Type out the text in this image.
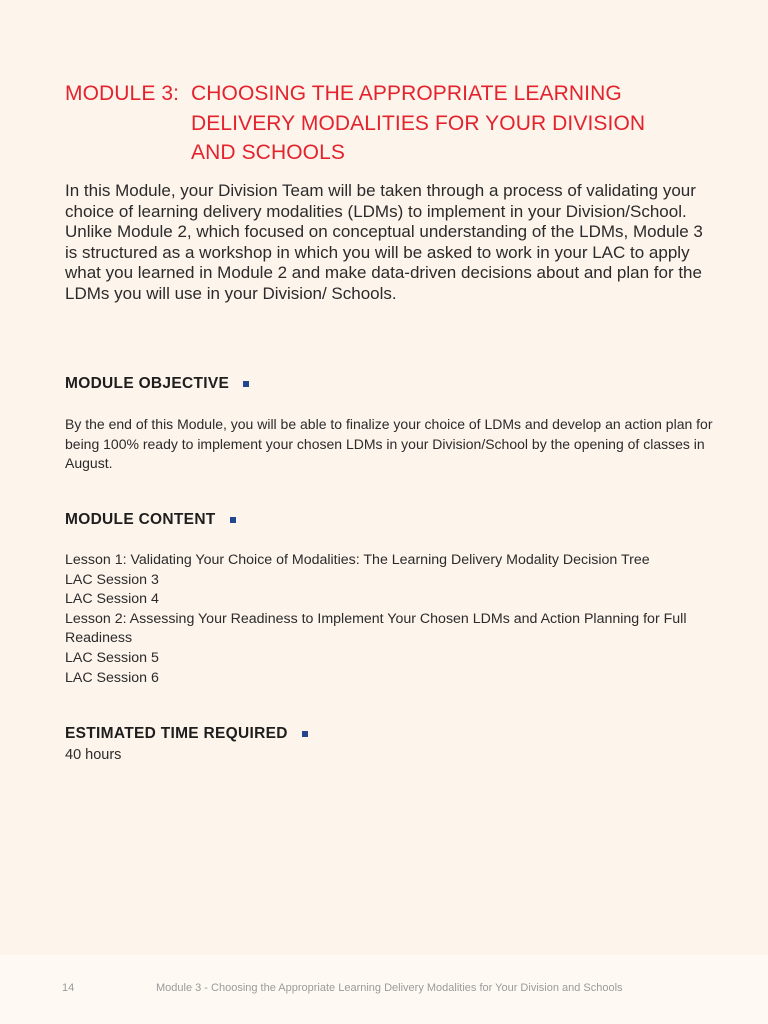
MODULE 3: CHOOSING THE APPROPRIATE LEARNING
DELIVERY MODALITIES FOR YOUR DIVISION
AND SCHOOLS

In this Module, your Division Team will be taken through a process of validating your choice of learning delivery modalities (LDMs) to implement in your Division/School. Unlike Module 2, which focused on conceptual understanding of the LDMs, Module 3 is structured as a workshop in which you will be asked to work in your LAC to apply what you learned in Module 2 and make data-driven decisions about and plan for the LDMs you will use in your Division/ Schools.

MODULE OBJECTIVE

By the end of this Module, you will be able to finalize your choice of LDMs and develop an action plan for being 100% ready to implement your chosen LDMs in your Division/School by the opening of classes in August.

MODULE CONTENT
Lesson 1: Validating Your Choice of Modalities: The Learning Delivery Modality Decision Tree
LAC Session 3
LAC Session 4
Lesson 2: Assessing Your Readiness to Implement Your Chosen LDMs and Action Planning for Full Readiness
LAC Session 5
LAC Session 6
ESTIMATED TIME REQUIRED

40 hours

14	Module 3 - Choosing the Appropriate Learning Delivery Modalities for Your Division and Schools
